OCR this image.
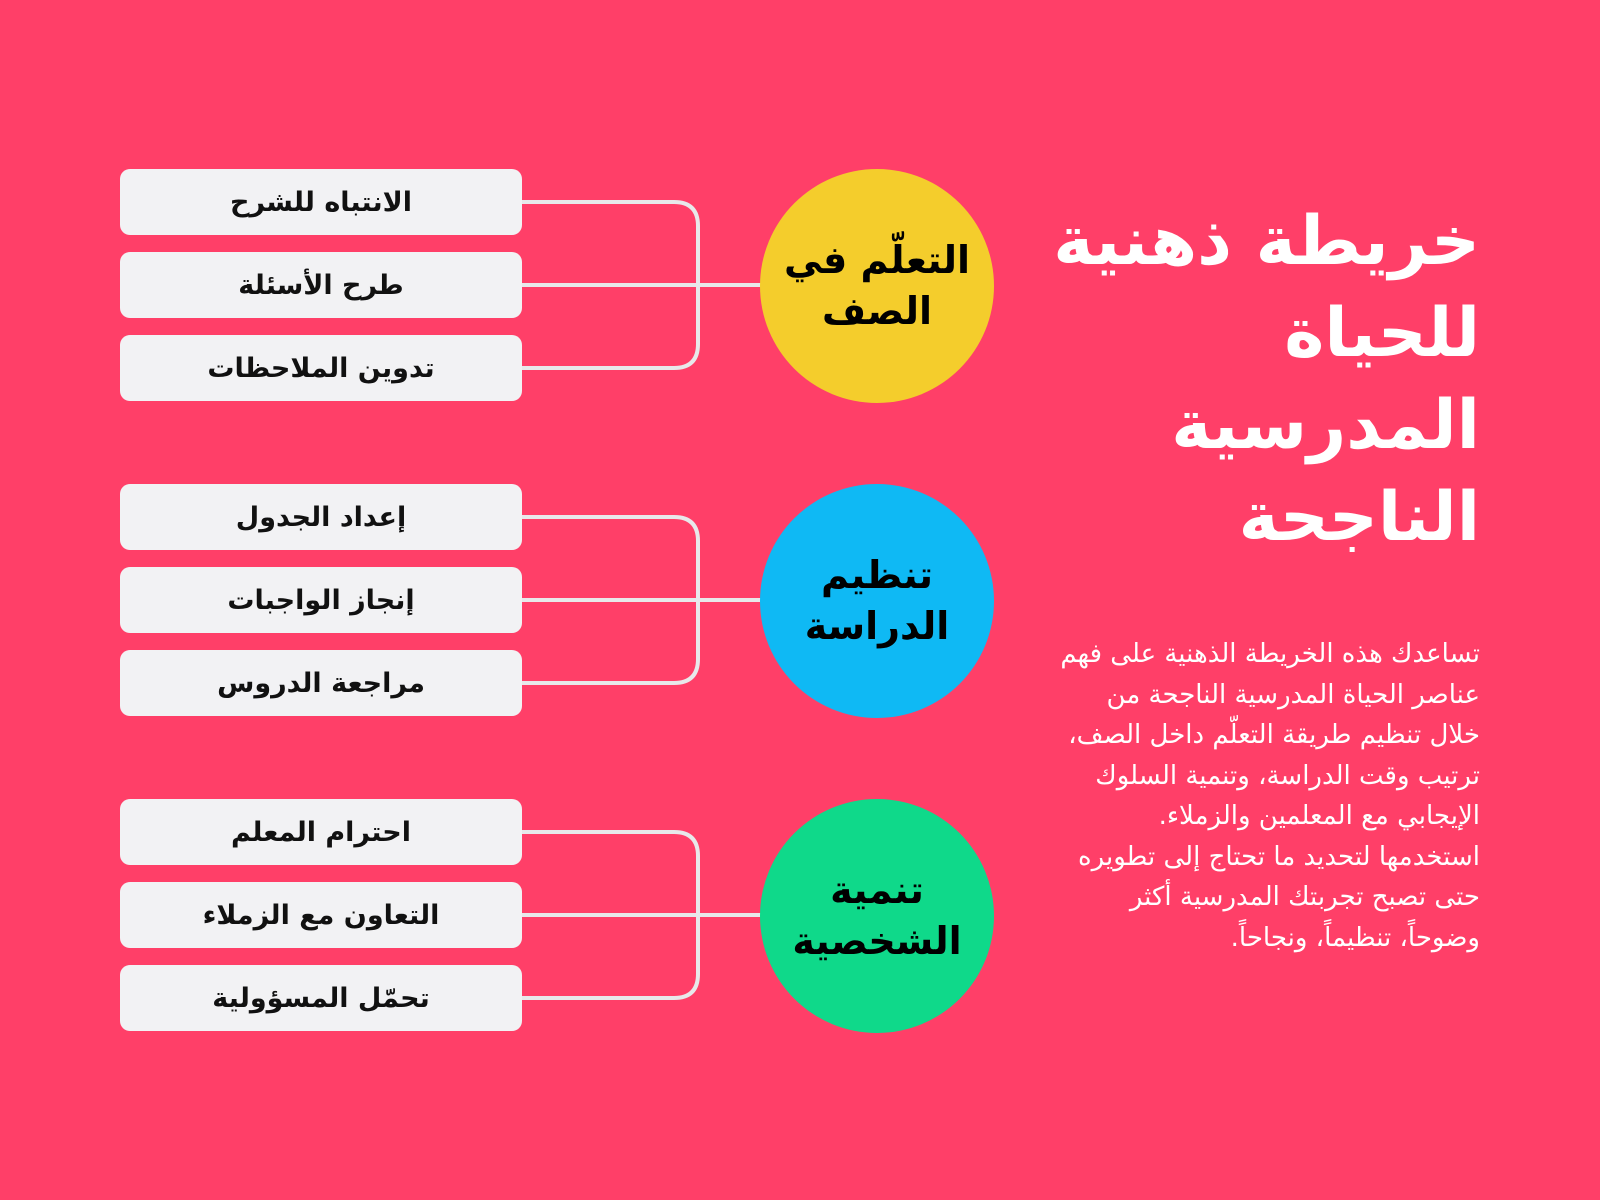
الانتباه للشرح
طرح الأسئلة
تدوين الملاحظات
التعلّم في الصف
إعداد الجدول
إنجاز الواجبات
مراجعة الدروس
تنظيم الدراسة
احترام المعلم
التعاون مع الزملاء
تحمّل المسؤولية
تنمية الشخصية
خريطة ذهنية للحياة المدرسية الناجحة

تساعدك هذه الخريطة الذهنية على فهم عناصر الحياة المدرسية الناجحة من خلال تنظيم طريقة التعلّم داخل الصف، ترتيب وقت الدراسة، وتنمية السلوك الإيجابي مع المعلمين والزملاء. استخدمها لتحديد ما تحتاج إلى تطويره حتى تصبح تجربتك المدرسية أكثر وضوحاً، تنظيماً، ونجاحاً.
